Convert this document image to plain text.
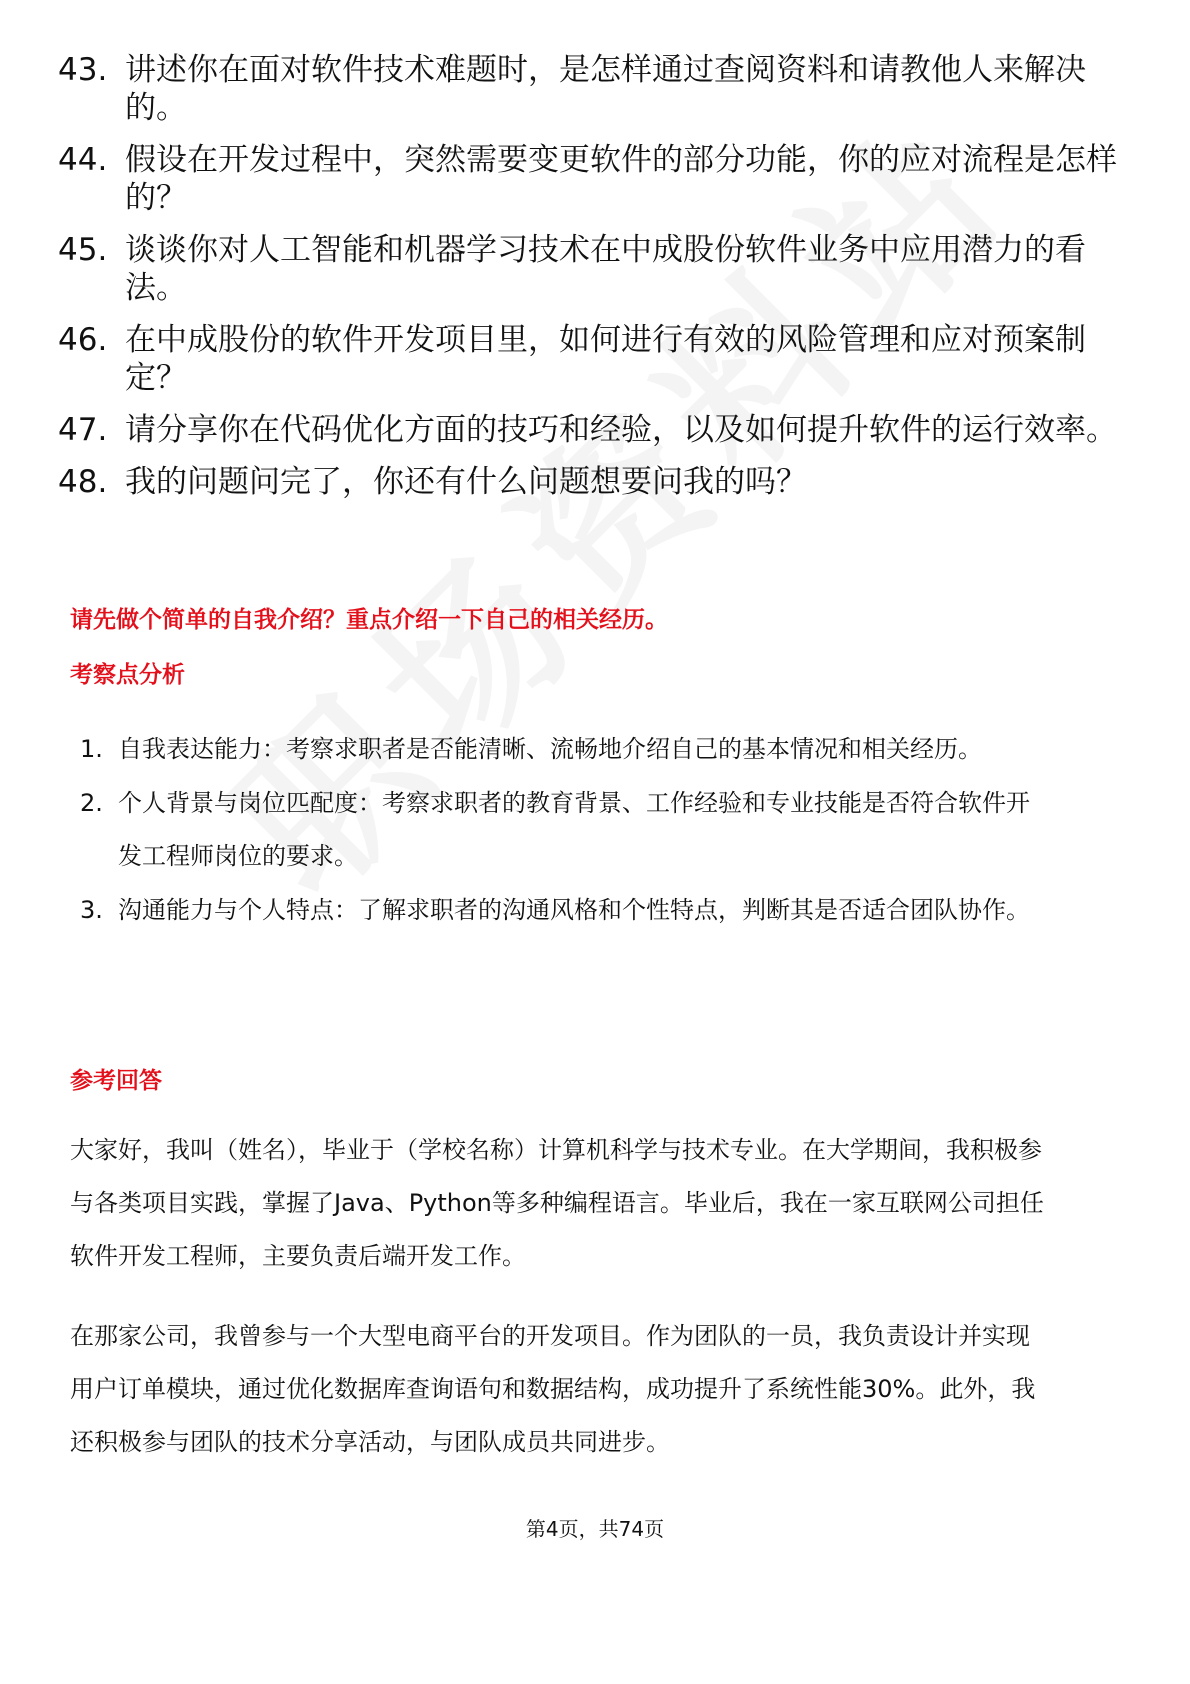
43. 讲述你在面对软件技术难题时，是怎样通过查阅资料和请教他人来解决的。
44. 假设在开发过程中，突然需要变更软件的部分功能，你的应对流程是怎样的？
45. 谈谈你对人工智能和机器学习技术在中成股份软件业务中应用潜力的看法。
46. 在中成股份的软件开发项目里，如何进行有效的风险管理和应对预案制定？
47. 请分享你在代码优化方面的技巧和经验，以及如何提升软件的运行效率。
48. 我的问题问完了，你还有什么问题想要问我的吗？
请先做个简单的自我介绍？重点介绍一下自己的相关经历。
考察点分析
1. 自我表达能力：考察求职者是否能清晰、流畅地介绍自己的基本情况和相关经历。
2. 个人背景与岗位匹配度：考察求职者的教育背景、工作经验和专业技能是否符合软件开发工程师岗位的要求。
3. 沟通能力与个人特点：了解求职者的沟通风格和个性特点，判断其是否适合团队协作。
参考回答

大家好，我叫（姓名），毕业于（学校名称）计算机科学与技术专业。在大学期间，我积极参与各类项目实践，掌握了Java、Python等多种编程语言。毕业后，我在一家互联网公司担任软件开发工程师，主要负责后端开发工作。

在那家公司，我曾参与一个大型电商平台的开发项目。作为团队的一员，我负责设计并实现用户订单模块，通过优化数据库查询语句和数据结构，成功提升了系统性能30%。此外，我还积极参与团队的技术分享活动，与团队成员共同进步。

第4页，共74页
